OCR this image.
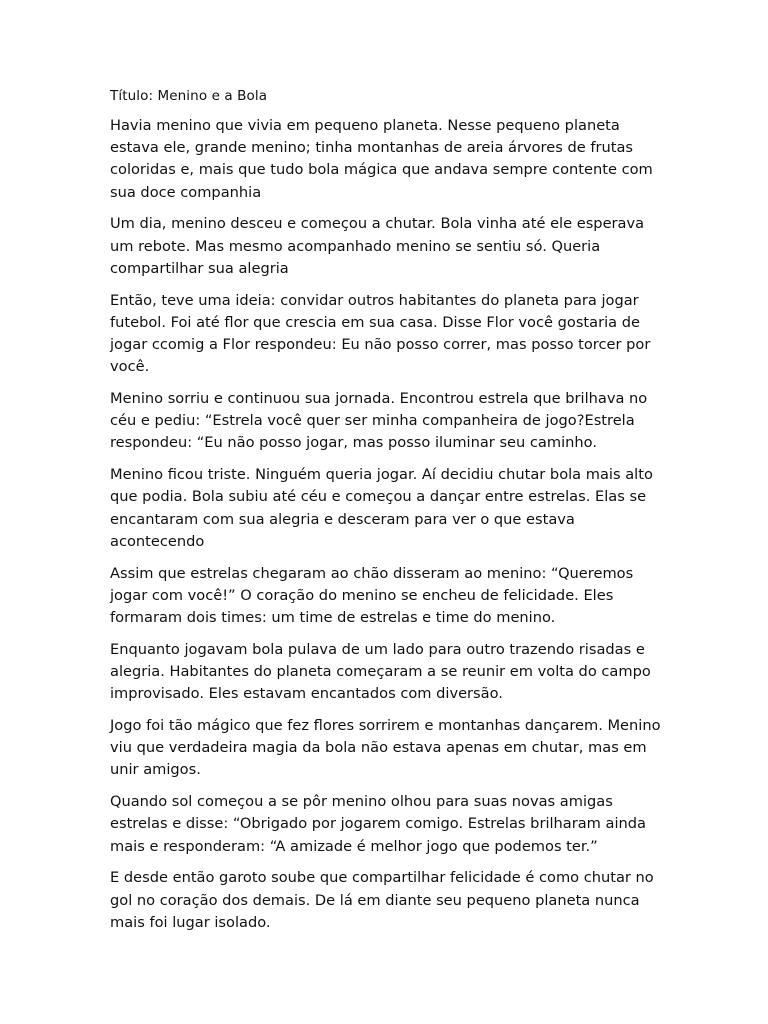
Título: Menino e a Bola

Havia menino que vivia em pequeno planeta. Nesse pequeno planeta estava ele, grande menino; tinha montanhas de areia árvores de frutas coloridas e, mais que tudo bola mágica que andava sempre contente com sua doce companhia

Um dia, menino desceu e começou a chutar. Bola vinha até ele esperava um rebote. Mas mesmo acompanhado menino se sentiu só. Queria compartilhar sua alegria

Então, teve uma ideia: convidar outros habitantes do planeta para jogar futebol. Foi até flor que crescia em sua casa. Disse Flor você gostaria de jogar ccomig a Flor respondeu: Eu não posso correr, mas posso torcer por você.

Menino sorriu e continuou sua jornada. Encontrou estrela que brilhava no céu e pediu: “Estrela você quer ser minha companheira de jogo?Estrela respondeu: “Eu não posso jogar, mas posso iluminar seu caminho.

Menino ficou triste. Ninguém queria jogar. Aí decidiu chutar bola mais alto que podia. Bola subiu até céu e começou a dançar entre estrelas. Elas se encantaram com sua alegria e desceram para ver o que estava acontecendo

Assim que estrelas chegaram ao chão disseram ao menino: “Queremos jogar com você!” O coração do menino se encheu de felicidade. Eles formaram dois times: um time de estrelas e time do menino.

Enquanto jogavam bola pulava de um lado para outro trazendo risadas e alegria. Habitantes do planeta começaram a se reunir em volta do campo improvisado. Eles estavam encantados com diversão.

Jogo foi tão mágico que fez flores sorrirem e montanhas dançarem. Menino viu que verdadeira magia da bola não estava apenas em chutar, mas em unir amigos.

Quando sol começou a se pôr menino olhou para suas novas amigas estrelas e disse: “Obrigado por jogarem comigo. Estrelas brilharam ainda mais e responderam: “A amizade é melhor jogo que podemos ter.”

E desde então garoto soube que compartilhar felicidade é como chutar no gol no coração dos demais. De lá em diante seu pequeno planeta nunca mais foi lugar isolado.
